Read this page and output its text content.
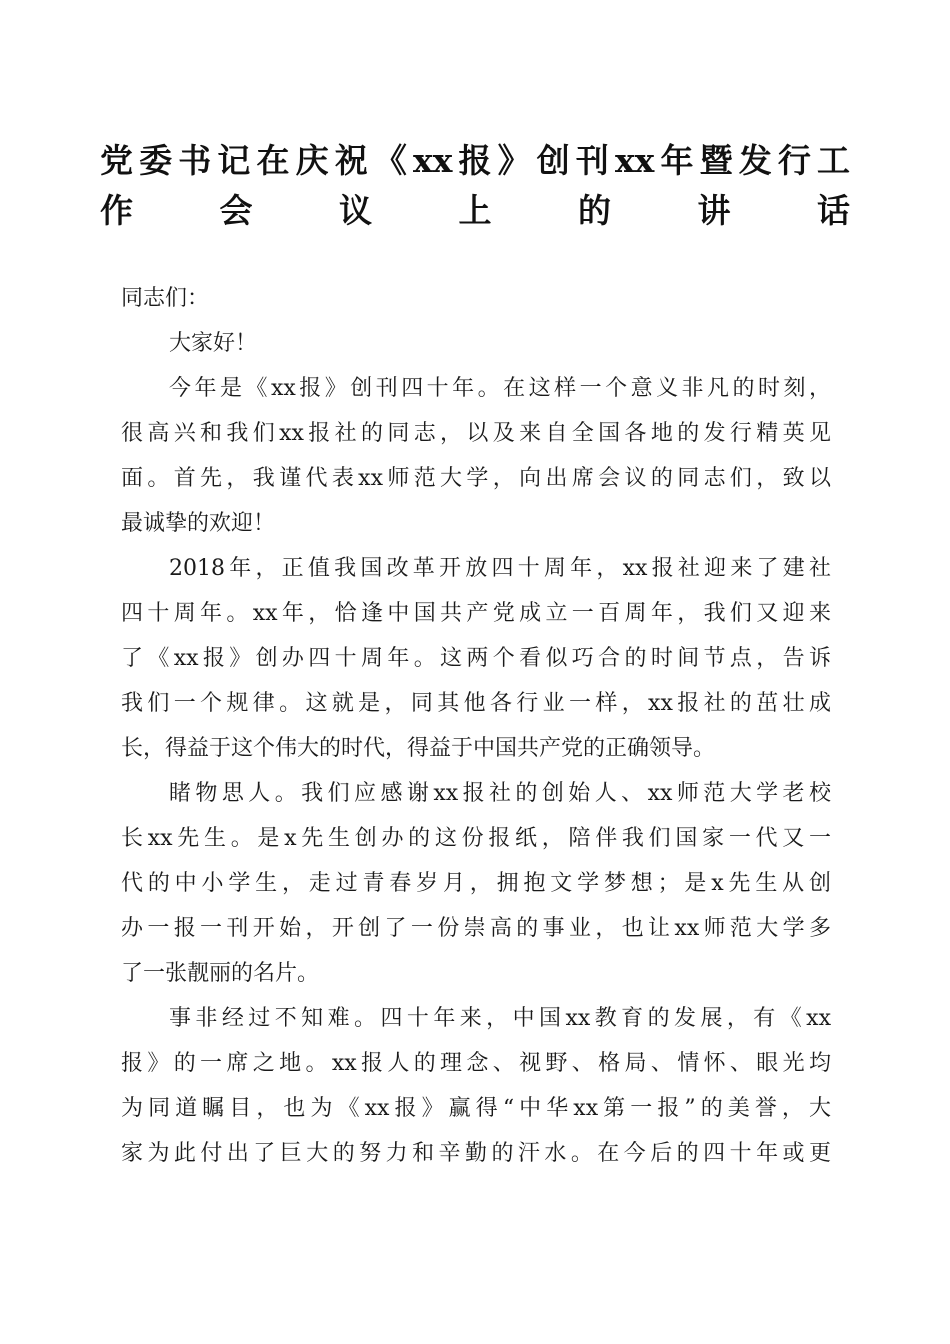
党委书记在庆祝《xx报》创刊xx年暨发行工
作会议上的讲话

同志们：

大家好！

今年是《xx报》创刊四十年。在这样一个意义非凡的时刻，
很高兴和我们xx报社的同志，以及来自全国各地的发行精英见
面。首先，我谨代表xx师范大学，向出席会议的同志们，致以
最诚挚的欢迎！

2018年，正值我国改革开放四十周年，xx报社迎来了建社
四十周年。xx年，恰逢中国共产党成立一百周年，我们又迎来
了《xx报》创办四十周年。这两个看似巧合的时间节点，告诉
我们一个规律。这就是，同其他各行业一样，xx报社的茁壮成
长，得益于这个伟大的时代，得益于中国共产党的正确领导。

睹物思人。我们应感谢xx报社的创始人、xx师范大学老校
长xx先生。是x先生创办的这份报纸，陪伴我们国家一代又一
代的中小学生，走过青春岁月，拥抱文学梦想；是x先生从创
办一报一刊开始，开创了一份崇高的事业，也让xx师范大学多
了一张靓丽的名片。

事非经过不知难。四十年来，中国xx教育的发展，有《xx
报》的一席之地。xx报人的理念、视野、格局、情怀、眼光均
为同道瞩目，也为《xx报》赢得“中华xx第一报”的美誉，大
家为此付出了巨大的努力和辛勤的汗水。在今后的四十年或更
